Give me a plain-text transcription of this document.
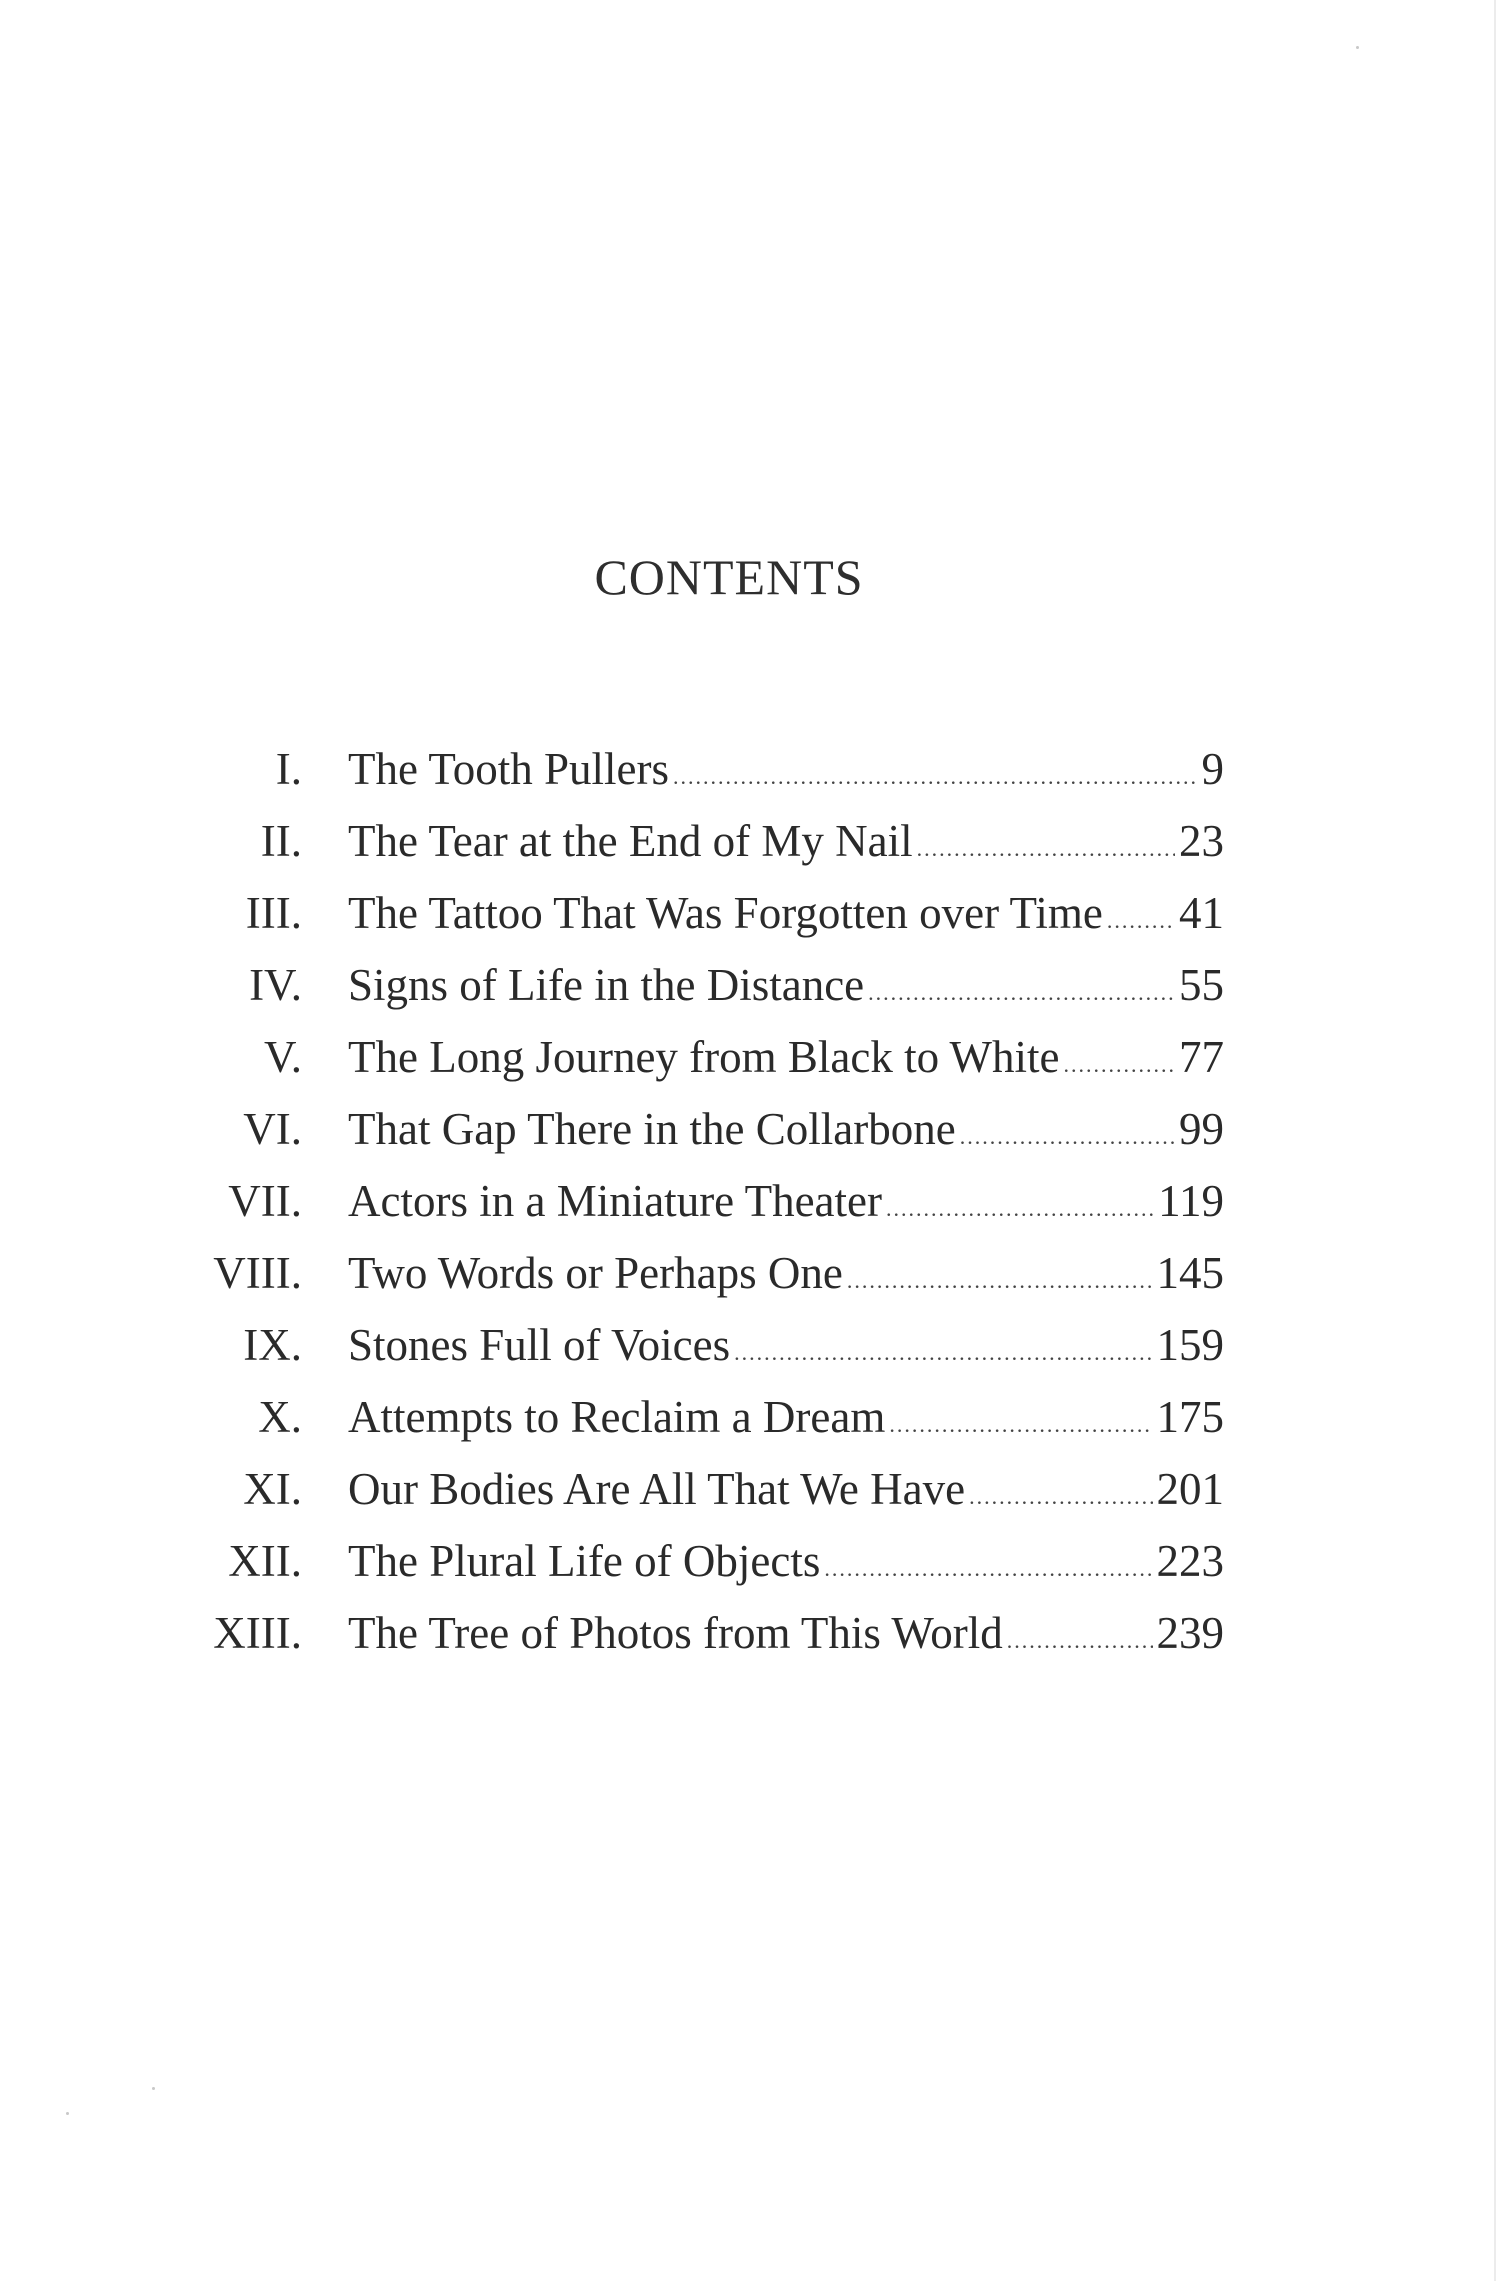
CONTENTS
I. The Tooth Pullers .....	9
II. The Tear at the End of My Nail .....	23
III. The Tattoo That Was Forgotten over Time ..... 41
IV. Signs of Life in the Distance .....	55
V. The Long Journey from Black to White .....	77
VI. That Gap There in the Collarbone .....	99
VII. Actors in a Miniature Theater .....	119
VIII. Two Words or Perhaps One .....	145
IX. Stones Full of Voices .....	159
X. Attempts to Reclaim a Dream .....	175
XI. Our Bodies Are All That We Have .....	201
XII. The Plural Life of Objects .....	223
XIII. The Tree of Photos from This World .....	239
